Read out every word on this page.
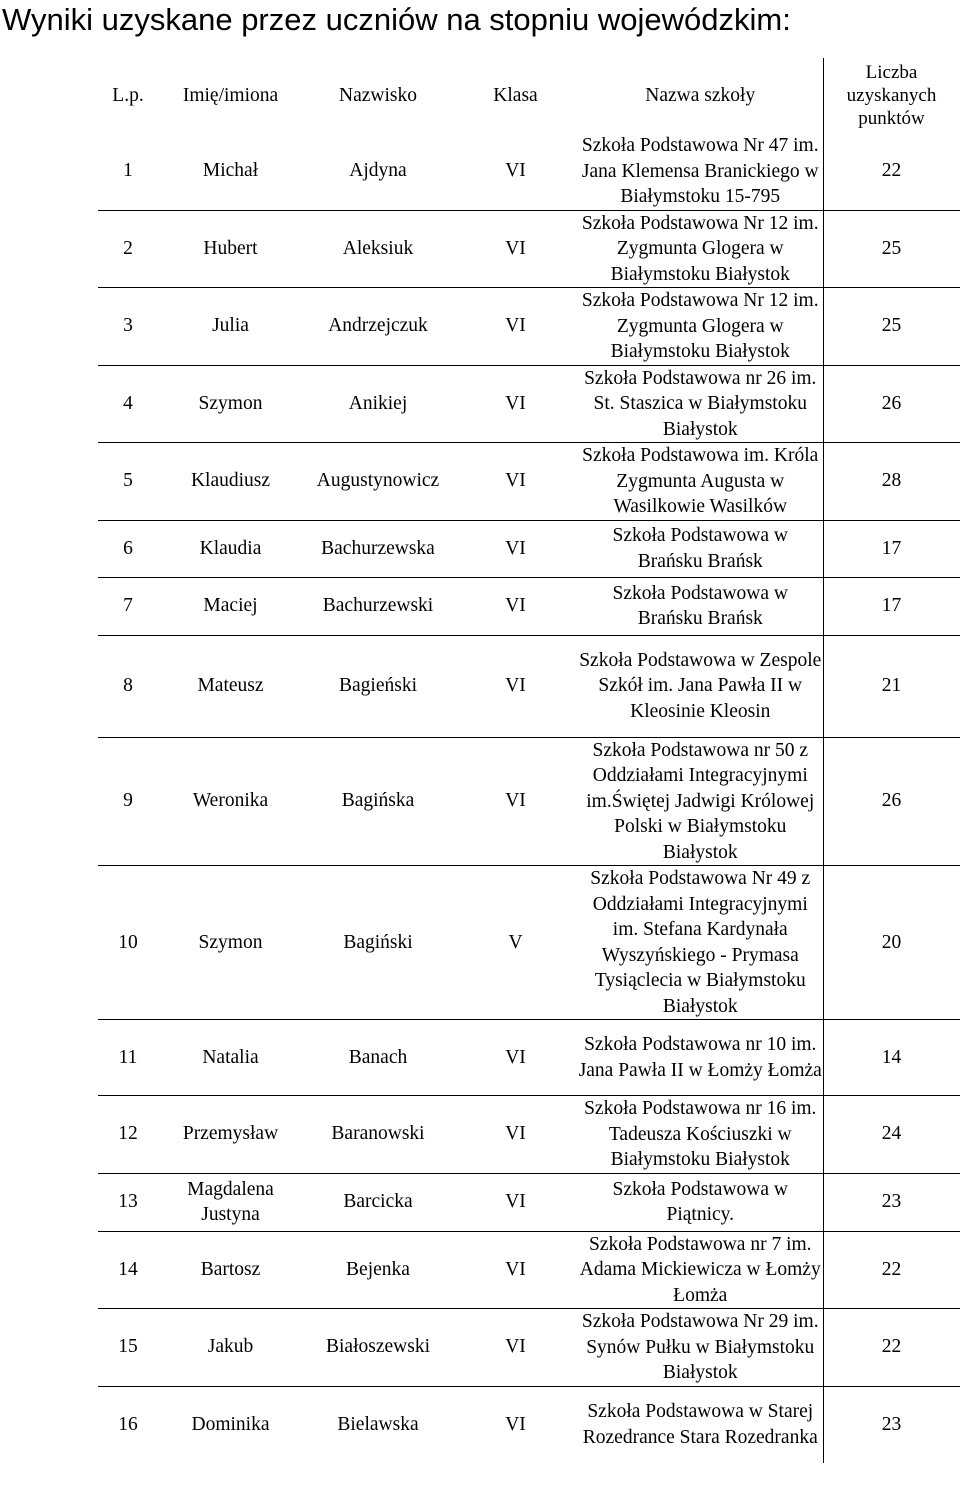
Wyniki uzyskane przez uczniów na stopniu wojewódzkim:
L.p.	Imię/imiona	Nazwisko	Klasa	Nazwa szkoły	Liczba uzyskanych punktów
1	Michał	Ajdyna	VI	Szkoła Podstawowa Nr 47 im. Jana Klemensa Branickiego w Białymstoku 15-795	22
2	Hubert	Aleksiuk	VI	Szkoła Podstawowa Nr 12 im. Zygmunta Glogera w Białymstoku Białystok	25
3	Julia	Andrzejczuk	VI	Szkoła Podstawowa Nr 12 im. Zygmunta Glogera w Białymstoku Białystok	25
4	Szymon	Anikiej	VI	Szkoła Podstawowa nr 26 im. St. Staszica w Białymstoku Białystok	26
5	Klaudiusz	Augustynowicz	VI	Szkoła Podstawowa im. Króla Zygmunta Augusta w Wasilkowie Wasilków	28
6	Klaudia	Bachurzewska	VI	Szkoła Podstawowa w Brańsku Brańsk	17
7	Maciej	Bachurzewski	VI	Szkoła Podstawowa w Brańsku Brańsk	17
8	Mateusz	Bagieński	VI	Szkoła Podstawowa w Zespole Szkół im. Jana Pawła II w Kleosinie Kleosin	21
9	Weronika	Bagińska	VI	Szkoła Podstawowa nr 50 z Oddziałami Integracyjnymi im.Świętej Jadwigi Królowej Polski w Białymstoku Białystok	26
10	Szymon	Bagiński	V	Szkoła Podstawowa Nr 49 z Oddziałami Integracyjnymi im. Stefana Kardynała Wyszyńskiego - Prymasa Tysiąclecia w Białymstoku Białystok	20
11	Natalia	Banach	VI	Szkoła Podstawowa nr 10 im. Jana Pawła II w Łomży Łomża	14
12	Przemysław	Baranowski	VI	Szkoła Podstawowa nr 16 im. Tadeusza Kościuszki w Białymstoku Białystok	24
13	Magdalena Justyna	Barcicka	VI	Szkoła Podstawowa w Piątnicy.	23
14	Bartosz	Bejenka	VI	Szkoła Podstawowa nr 7 im. Adama Mickiewicza w Łomży Łomża	22
15	Jakub	Białoszewski	VI	Szkoła Podstawowa Nr 29 im. Synów Pułku w Białymstoku Białystok	22
16	Dominika	Bielawska	VI	Szkoła Podstawowa w Starej Rozedrance Stara Rozedranka	23
